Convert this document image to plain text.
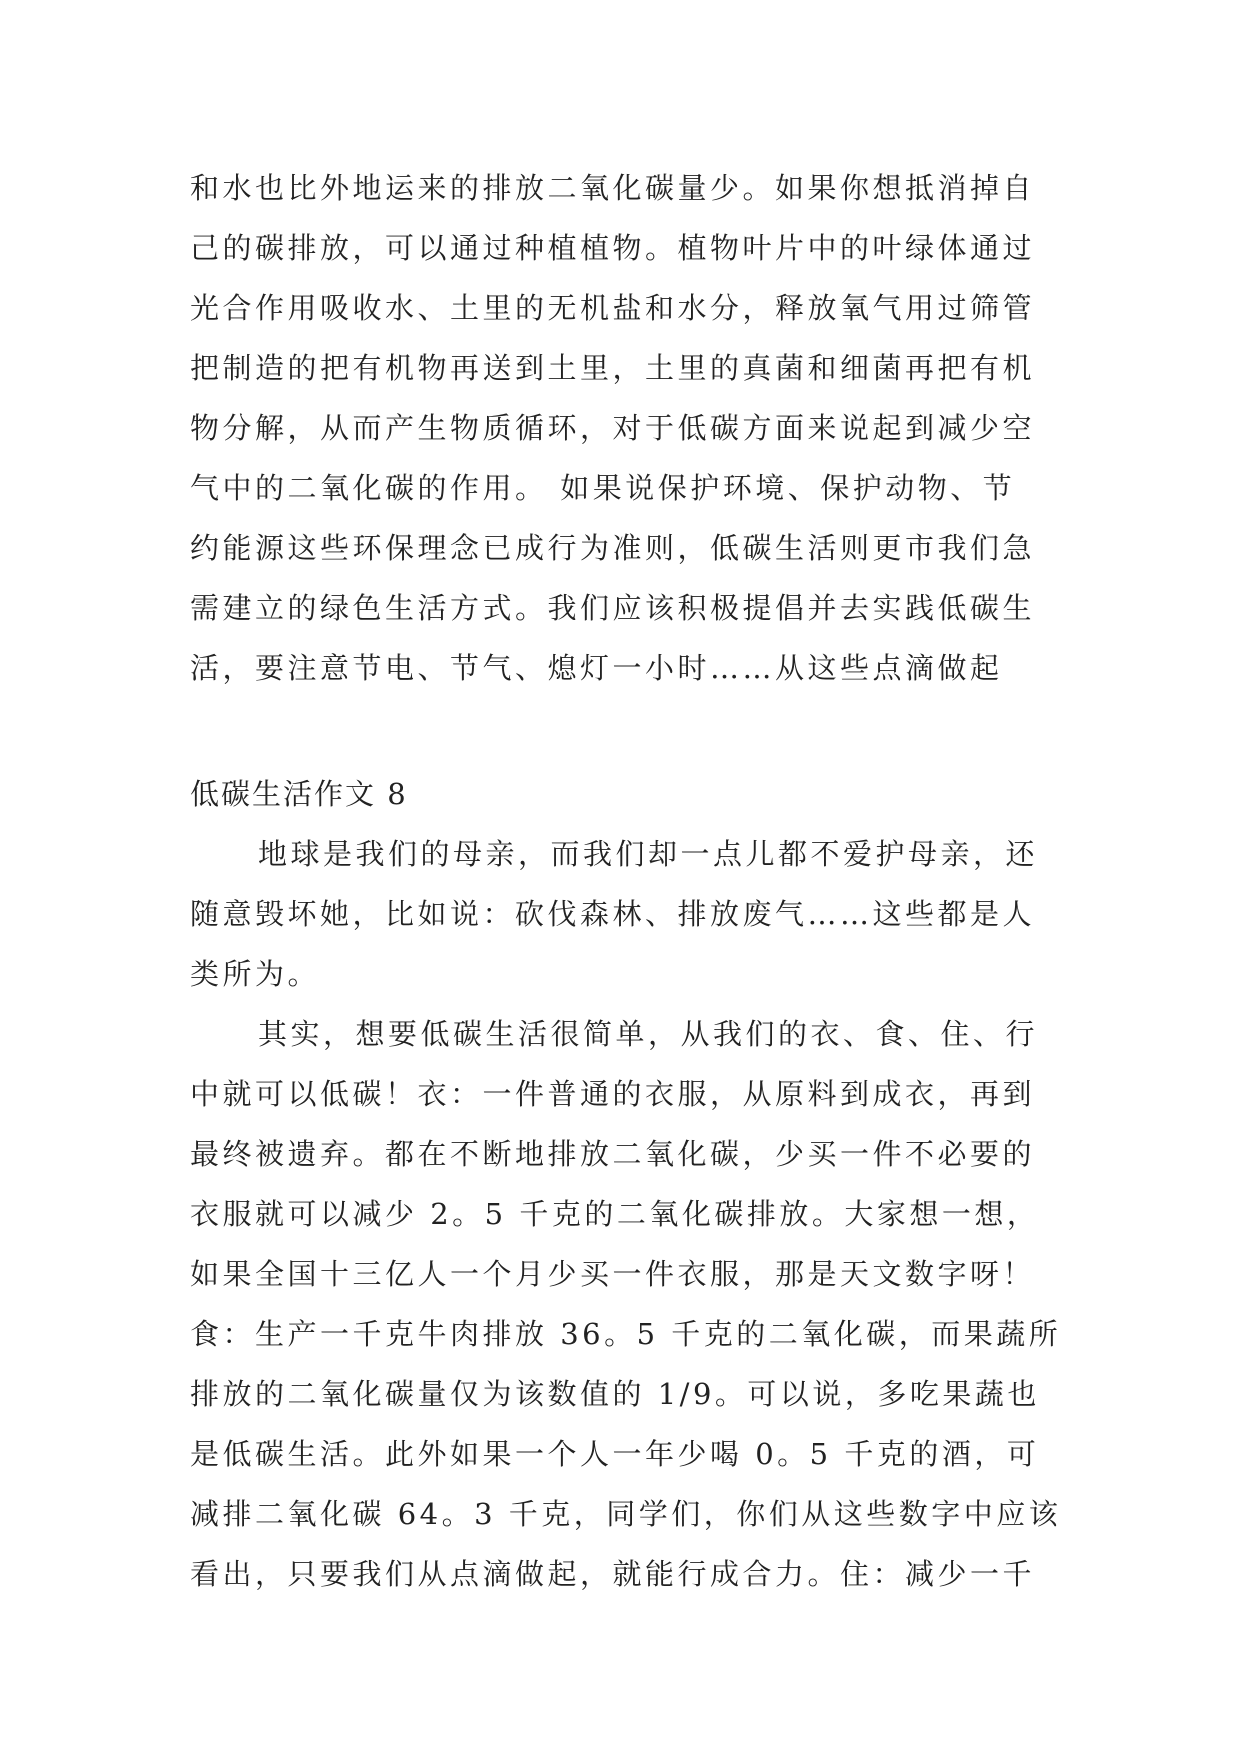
和水也比外地运来的排放二氧化碳量少。如果你想抵消掉自
己的碳排放，可以通过种植植物。植物叶片中的叶绿体通过
光合作用吸收水、土里的无机盐和水分，释放氧气用过筛管
把制造的把有机物再送到土里，土里的真菌和细菌再把有机
物分解，从而产生物质循环，对于低碳方面来说起到减少空
气中的二氧化碳的作用。 如果说保护环境、保护动物、节
约能源这些环保理念已成行为准则，低碳生活则更市我们急
需建立的绿色生活方式。我们应该积极提倡并去实践低碳生
活，要注意节电、节气、熄灯一小时……从这些点滴做起
低碳生活作文 8
地球是我们的母亲，而我们却一点儿都不爱护母亲，还
随意毁坏她，比如说：砍伐森林、排放废气……这些都是人
类所为。
其实，想要低碳生活很简单，从我们的衣、食、住、行
中就可以低碳！衣：一件普通的衣服，从原料到成衣，再到
最终被遗弃。都在不断地排放二氧化碳，少买一件不必要的
衣服就可以减少 2。5 千克的二氧化碳排放。大家想一想，
如果全国十三亿人一个月少买一件衣服，那是天文数字呀！
食：生产一千克牛肉排放 36。5 千克的二氧化碳，而果蔬所
排放的二氧化碳量仅为该数值的 1/9。可以说，多吃果蔬也
是低碳生活。此外如果一个人一年少喝 0。5 千克的酒，可
减排二氧化碳 64。3 千克，同学们，你们从这些数字中应该
看出，只要我们从点滴做起，就能行成合力。住：减少一千
